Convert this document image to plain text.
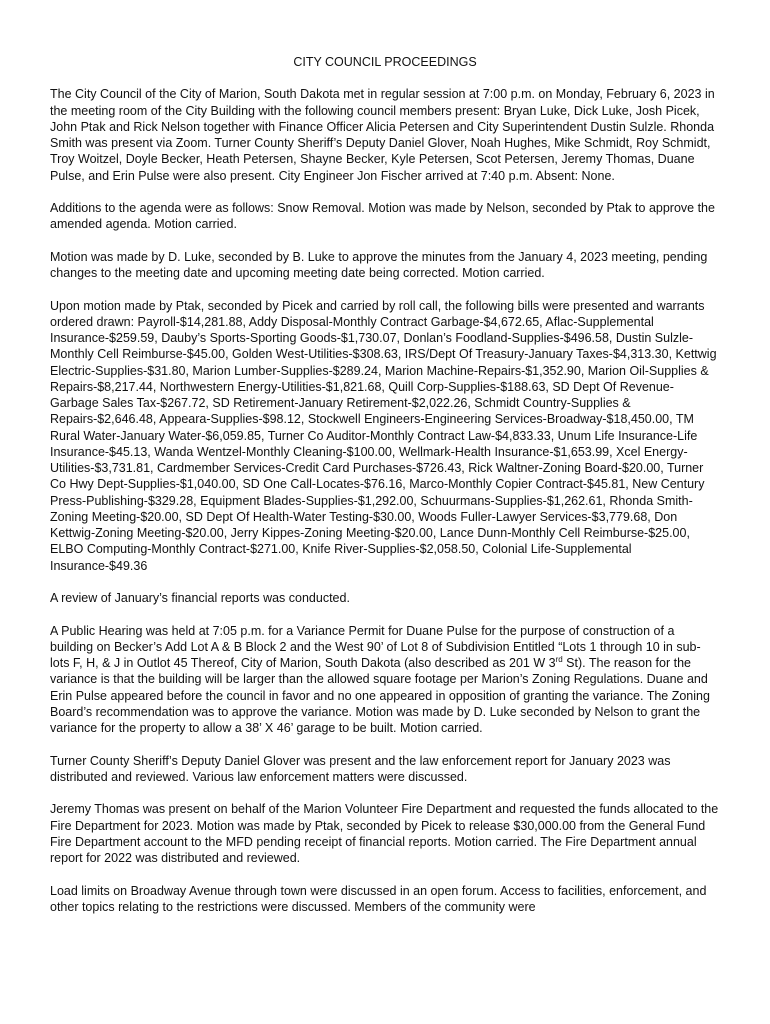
CITY COUNCIL PROCEEDINGS

The City Council of the City of Marion, South Dakota met in regular session at 7:00 p.m. on Monday, February 6, 2023 in the meeting room of the City Building with the following council members present: Bryan Luke, Dick Luke, Josh Picek, John Ptak and Rick Nelson together with Finance Officer Alicia Petersen and City Superintendent Dustin Sulzle. Rhonda Smith was present via Zoom. Turner County Sheriff’s Deputy Daniel Glover, Noah Hughes, Mike Schmidt, Roy Schmidt, Troy Woitzel, Doyle Becker, Heath Petersen, Shayne Becker, Kyle Petersen, Scot Petersen, Jeremy Thomas, Duane Pulse, and Erin Pulse were also present. City Engineer Jon Fischer arrived at 7:40 p.m. Absent: None.

Additions to the agenda were as follows: Snow Removal. Motion was made by Nelson, seconded by Ptak to approve the amended agenda. Motion carried.

Motion was made by D. Luke, seconded by B. Luke to approve the minutes from the January 4, 2023 meeting, pending changes to the meeting date and upcoming meeting date being corrected. Motion carried.

Upon motion made by Ptak, seconded by Picek and carried by roll call, the following bills were presented and warrants ordered drawn: Payroll-$14,281.88, Addy Disposal-Monthly Contract Garbage-$4,672.65, Aflac-Supplemental Insurance-$259.59, Dauby’s Sports-Sporting Goods-$1,730.07, Donlan’s Foodland-Supplies-$496.58, Dustin Sulzle-Monthly Cell Reimburse-$45.00, Golden West-Utilities-$308.63, IRS/Dept Of Treasury-January Taxes-$4,313.30, Kettwig Electric-Supplies-$31.80, Marion Lumber-Supplies-$289.24, Marion Machine-Repairs-$1,352.90, Marion Oil-Supplies & Repairs-$8,217.44, Northwestern Energy-Utilities-$1,821.68, Quill Corp-Supplies-$188.63, SD Dept Of Revenue-Garbage Sales Tax-$267.72, SD Retirement-January Retirement-$2,022.26, Schmidt Country-Supplies & Repairs-$2,646.48, Appeara-Supplies-$98.12, Stockwell Engineers-Engineering Services-Broadway-$18,450.00, TM Rural Water-January Water-$6,059.85, Turner Co Auditor-Monthly Contract Law-$4,833.33, Unum Life Insurance-Life Insurance-$45.13, Wanda Wentzel-Monthly Cleaning-$100.00, Wellmark-Health Insurance-$1,653.99, Xcel Energy-Utilities-$3,731.81, Cardmember Services-Credit Card Purchases-$726.43, Rick Waltner-Zoning Board-$20.00, Turner Co Hwy Dept-Supplies-$1,040.00, SD One Call-Locates-$76.16, Marco-Monthly Copier Contract-$45.81, New Century Press-Publishing-$329.28, Equipment Blades-Supplies-$1,292.00, Schuurmans-Supplies-$1,262.61, Rhonda Smith-Zoning Meeting-$20.00, SD Dept Of Health-Water Testing-$30.00, Woods Fuller-Lawyer Services-$3,779.68, Don Kettwig-Zoning Meeting-$20.00, Jerry Kippes-Zoning Meeting-$20.00, Lance Dunn-Monthly Cell Reimburse-$25.00, ELBO Computing-Monthly Contract-$271.00, Knife River-Supplies-$2,058.50, Colonial Life-Supplemental Insurance-$49.36

A review of January’s financial reports was conducted.

A Public Hearing was held at 7:05 p.m. for a Variance Permit for Duane Pulse for the purpose of construction of a building on Becker’s Add Lot A & B Block 2 and the West 90’ of Lot 8 of Subdivision Entitled “Lots 1 through 10 in sub-lots F, H, & J in Outlot 45 Thereof, City of Marion, South Dakota (also described as 201 W 3rd St). The reason for the variance is that the building will be larger than the allowed square footage per Marion’s Zoning Regulations. Duane and Erin Pulse appeared before the council in favor and no one appeared in opposition of granting the variance. The Zoning Board’s recommendation was to approve the variance. Motion was made by D. Luke seconded by Nelson to grant the variance for the property to allow a 38’ X 46’ garage to be built. Motion carried.

Turner County Sheriff’s Deputy Daniel Glover was present and the law enforcement report for January 2023 was distributed and reviewed. Various law enforcement matters were discussed.

Jeremy Thomas was present on behalf of the Marion Volunteer Fire Department and requested the funds allocated to the Fire Department for 2023. Motion was made by Ptak, seconded by Picek to release $30,000.00 from the General Fund Fire Department account to the MFD pending receipt of financial reports. Motion carried. The Fire Department annual report for 2022 was distributed and reviewed.

Load limits on Broadway Avenue through town were discussed in an open forum. Access to facilities, enforcement, and other topics relating to the restrictions were discussed. Members of the community were
